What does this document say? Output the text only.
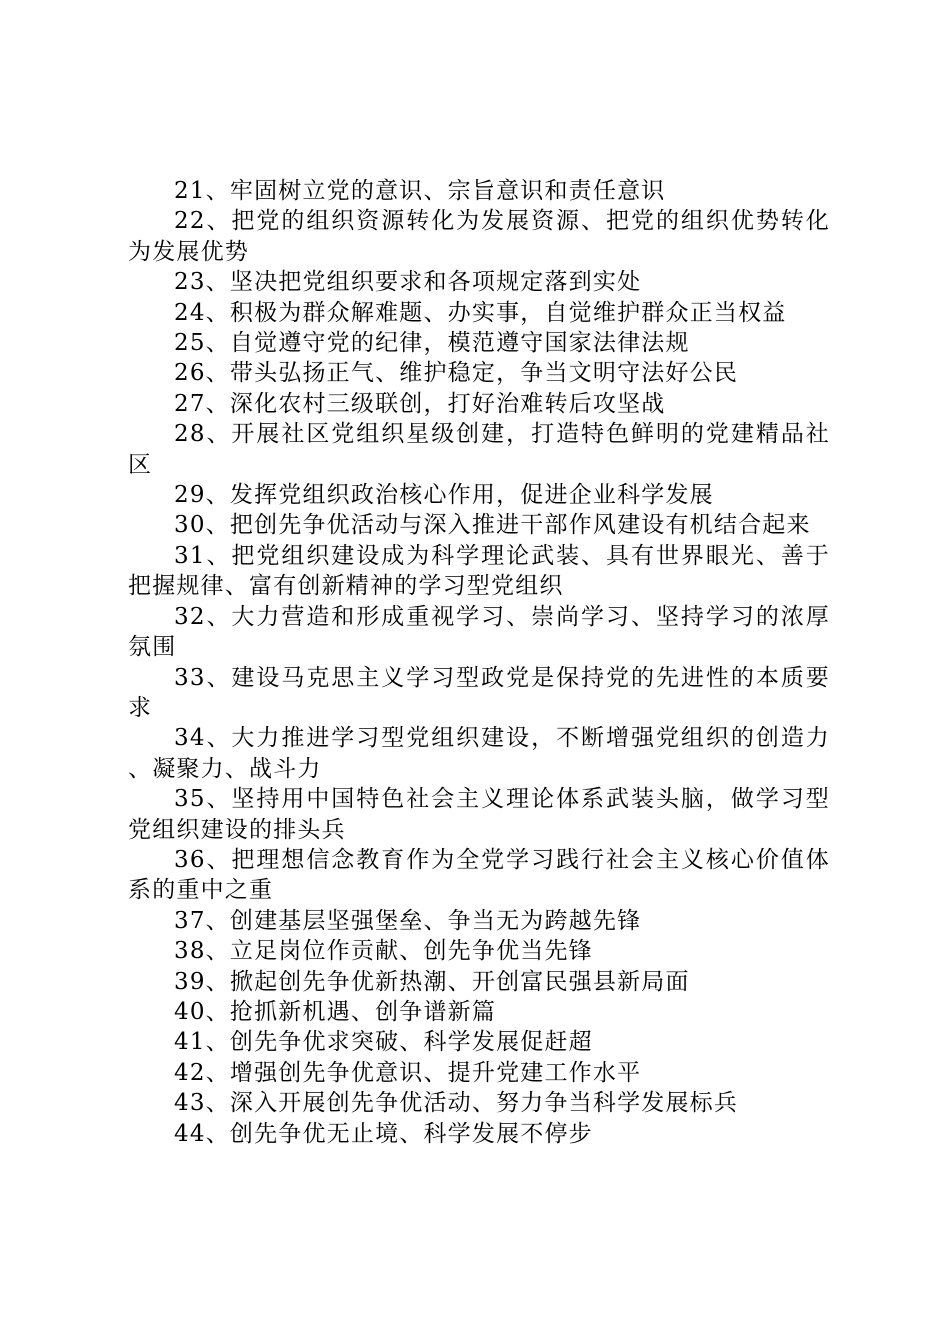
21、牢固树立党的意识、宗旨意识和责任意识

22、把党的组织资源转化为发展资源、把党的组织优势转化为发展优势

23、坚决把党组织要求和各项规定落到实处

24、积极为群众解难题、办实事，自觉维护群众正当权益

25、自觉遵守党的纪律，模范遵守国家法律法规

26、带头弘扬正气、维护稳定，争当文明守法好公民

27、深化农村三级联创，打好治难转后攻坚战

28、开展社区党组织星级创建，打造特色鲜明的党建精品社区

29、发挥党组织政治核心作用，促进企业科学发展

30、把创先争优活动与深入推进干部作风建设有机结合起来

31、把党组织建设成为科学理论武装、具有世界眼光、善于把握规律、富有创新精神的学习型党组织

32、大力营造和形成重视学习、崇尚学习、坚持学习的浓厚氛围

33、建设马克思主义学习型政党是保持党的先进性的本质要求

34、大力推进学习型党组织建设，不断增强党组织的创造力、凝聚力、战斗力

35、坚持用中国特色社会主义理论体系武装头脑，做学习型党组织建设的排头兵

36、把理想信念教育作为全党学习践行社会主义核心价值体系的重中之重

37、创建基层坚强堡垒、争当无为跨越先锋

38、立足岗位作贡献、创先争优当先锋

39、掀起创先争优新热潮、开创富民强县新局面

40、抢抓新机遇、创争谱新篇

41、创先争优求突破、科学发展促赶超

42、增强创先争优意识、提升党建工作水平

43、深入开展创先争优活动、努力争当科学发展标兵

44、创先争优无止境、科学发展不停步
